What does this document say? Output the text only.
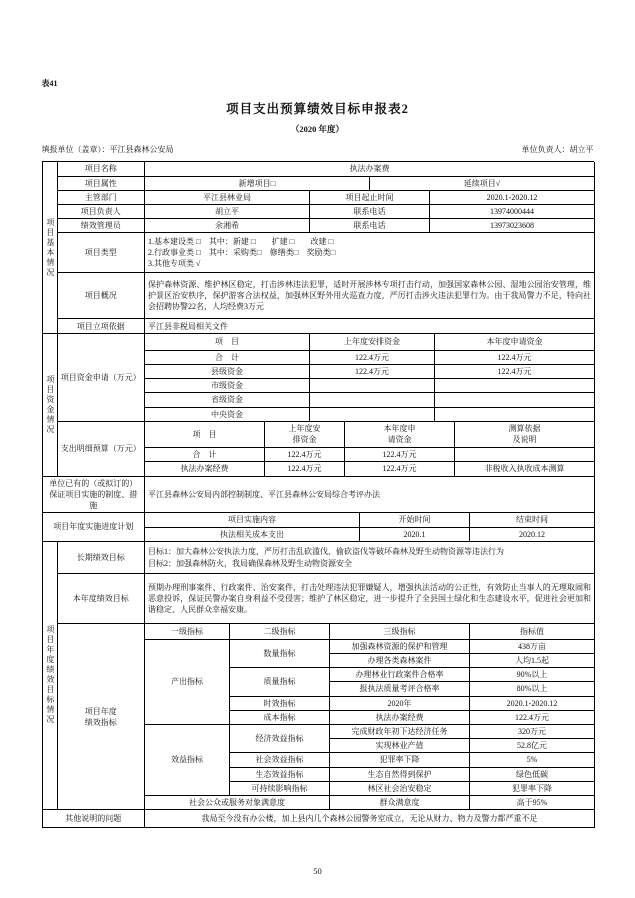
表41
项目支出预算绩效目标申报表2
（2020 年度）
填报单位（盖章）：平江县森林公安局	单位负责人：胡立平
项目基本情况
项目名称	执法办案费			
项目属性	新增项目□		延续项目√	
主管部门	平江县林业局	项目起止时间		2020.1-2020.12
项目负责人	胡立平	联系电话		13974000444
绩效管理员	余湘希	联系电话		13973023608
项目类型	1.基本建设类 □　其中：新建 □　　扩建 □　　改建 □
2.行政事业类 □　其中：采购类□　修缮类□　奖励类□
3.其他专项类 √			

项目概况	保护森林资源、维护林区稳定，打击涉林违法犯罪，适时开展涉林专项打击行动，加强国家森林公园、湿地公园治安管理，维护景区治安秩序，保护游客合法权益，加强林区野外用火巡查力度，严厉打击涉火违法犯罪行为。由于我局警力不足，特向社会招聘协警22名，人均经费3万元			
项目立项依据	平江县非税局相关文件			
项目资金情况 项目资金申请（万元）	项　目	上年度安排资金	本年度申请资金
	合　计	122.4万元	122.4万元
	县级资金	122.4万元	122.4万元
	市级资金		
	省级资金		
	中央资金		
支出明细预算（万元）	项　目	上年度安排资金	本年度申请资金	测算依据及说明
	合　计	122.4万元	122.4万元	
	执法办案经费	122.4万元	122.4万元	非税收入执收成本测算
单位已有的（或拟订的）保证项目实施的制度、措施	平江县森林公安局内部控制制度、平江县森林公安局综合考评办法
项目年度实施进度计划	项目实施内容	开始时间	结束时间
	执法相关成本支出	2020.1	2020.12
项目年度绩效目标情况
长期绩效目标	目标1：加大森林公安执法力度，严厉打击乱砍滥伐、偷砍盗伐等破坏森林及野生动物资源等违法行为
目标2：加强森林防火，我局确保森林及野生动物资源安全

本年度绩效目标	预期办理刑事案件、行政案件、治安案件，打击处理违法犯罪嫌疑人，增强执法活动的公正性，有效防止当事人的无理取闹和恶意投诉，保证民警办案自身利益不受侵害；维护了林区稳定，进一步提升了全县国土绿化和生态建设水平，促进社会更加和谐稳定、人民群众幸福安康。
项目年度绩效指标	一级指标	二级指标	三级指标	指标值
	产出指标	数量指标	加强森林资源的保护和管理	438万亩
			办理各类森林案件	人均1.5起
		质量指标	办理林业行政案件合格率	90%以上
			报执法质量考评合格率	80%以上
		时效指标	2020年	2020.1-2020.12
		成本指标	执法办案经费	122.4万元
	效益指标	经济效益指标	完成财政年初下达经济任务	320万元
			实现林业产值	52.8亿元
		社会效益指标	犯罪率下降	5%
		生态效益指标	生态自然得到保护	绿色低碳
		可持续影响指标	林区社会治安稳定	犯罪率下降
	社会公众或服务对象满意度		群众满意度	高于95%
其他说明的问题	我局至今没有办公楼，加上县内几个森林公园警务室成立，无论从财力、物力及警力都严重不足
50
